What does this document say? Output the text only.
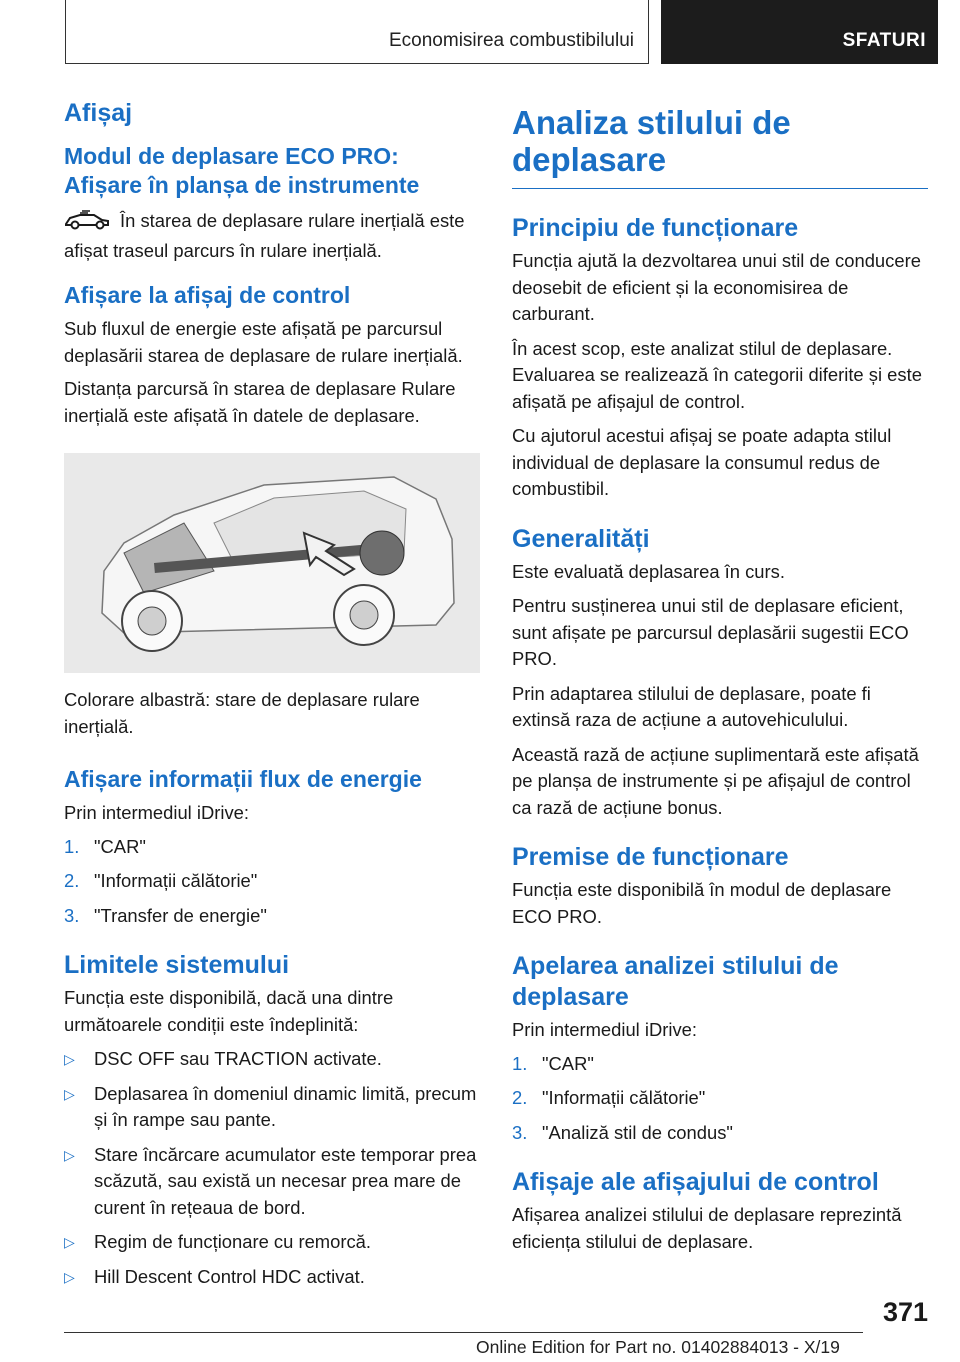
Economisirea combustibilului	SFATURI
Afișaj
Modul de deplasare ECO PRO: Afișare în planșa de instrumente

În starea de deplasare rulare inerțială este afișat traseul parcurs în rulare inerțială.

Afișare la afișaj de control

Sub fluxul de energie este afișată pe parcursul deplasării starea de deplasare de rulare inerțială.

Distanța parcursă în starea de deplasare Rulare inerțială este afișată în datele de deplasare.

Colorare albastră: stare de deplasare rulare inerțială.

Afișare informații flux de energie

Prin intermediul iDrive:

1. "CAR"
2. "Informații călătorie"
3. "Transfer de energie"
Limitele sistemului

Funcția este disponibilă, dacă una dintre următoarele condiții este îndeplinită:

▷ DSC OFF sau TRACTION activate.
▷ Deplasarea în domeniul dinamic limită, precum și în rampe sau pante.
▷ Stare încărcare acumulator este temporar prea scăzută, sau există un necesar prea mare de curent în rețeaua de bord.
▷ Regim de funcționare cu remorcă.
▷ Hill Descent Control HDC activat.
Analiza stilului de deplasare
Principiu de funcționare

Funcția ajută la dezvoltarea unui stil de conducere deosebit de eficient și la economisirea de carburant.

În acest scop, este analizat stilul de deplasare. Evaluarea se realizează în categorii diferite și este afișată pe afișajul de control.

Cu ajutorul acestui afișaj se poate adapta stilul individual de deplasare la consumul redus de combustibil.

Generalități

Este evaluată deplasarea în curs.

Pentru susținerea unui stil de deplasare eficient, sunt afișate pe parcursul deplasării sugestii ECO PRO.

Prin adaptarea stilului de deplasare, poate fi extinsă raza de acțiune a autovehiculului.

Această rază de acțiune suplimentară este afișată pe planșa de instrumente și pe afișajul de control ca rază de acțiune bonus.

Premise de funcționare

Funcția este disponibilă în modul de deplasare ECO PRO.

Apelarea analizei stilului de deplasare

Prin intermediul iDrive:

1. "CAR"
2. "Informații călătorie"
3. "Analiză stil de condus"
Afișaje ale afișajului de control

Afișarea analizei stilului de deplasare reprezintă eficiența stilului de deplasare.

371
Online Edition for Part no. 01402884013 - X/19
